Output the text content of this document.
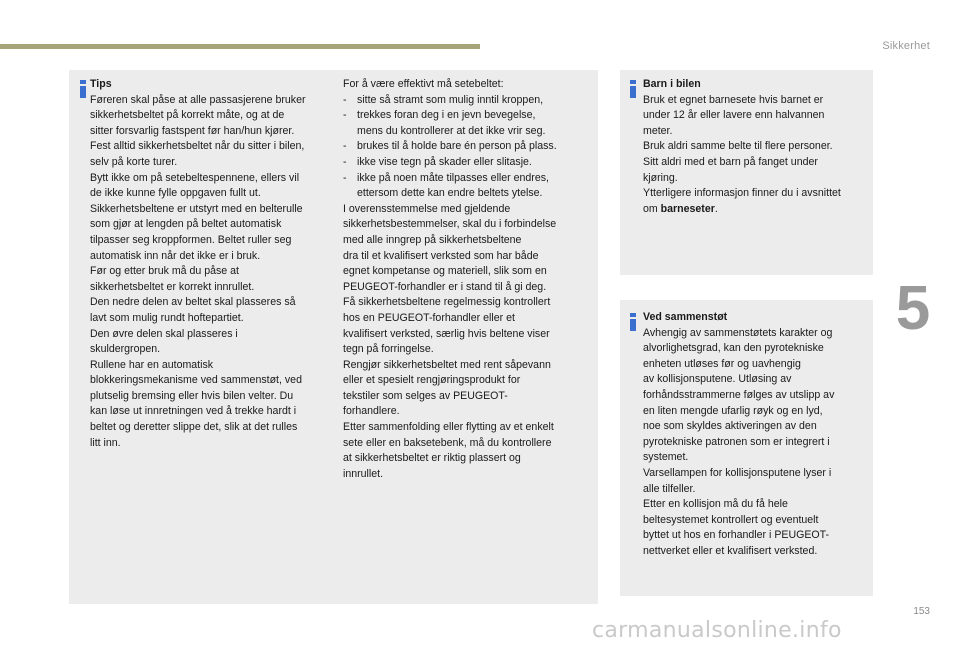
Sikkerhet
5
Tips
Føreren skal påse at alle passasjerene bruker
sikkerhetsbeltet på korrekt måte, og at de
sitter forsvarlig fastspent før han/hun kjører.
Fest alltid sikkerhetsbeltet når du sitter i bilen,
selv på korte turer.
Bytt ikke om på setebeltespennene, ellers vil
de ikke kunne fylle oppgaven fullt ut.
Sikkerhetsbeltene er utstyrt med en belterulle
som gjør at lengden på beltet automatisk
tilpasser seg kroppformen. Beltet ruller seg
automatisk inn når det ikke er i bruk.
Før og etter bruk må du påse at
sikkerhetsbeltet er korrekt innrullet.
Den nedre delen av beltet skal plasseres så
lavt som mulig rundt hoftepartiet.
Den øvre delen skal plasseres i
skuldergropen.
Rullene har en automatisk
blokkeringsmekanisme ved sammenstøt, ved
plutselig bremsing eller hvis bilen velter. Du
kan løse ut innretningen ved å trekke hardt i
beltet og deretter slippe det, slik at det rulles
litt inn.
For å være effektivt må setebeltet:
- sitte så stramt som mulig inntil kroppen,
- trekkes foran deg i en jevn bevegelse,
mens du kontrollerer at det ikke vrir seg.
- brukes til å holde bare én person på plass.
- ikke vise tegn på skader eller slitasje.
- ikke på noen måte tilpasses eller endres,
ettersom dette kan endre beltets ytelse.
I overensstemmelse med gjeldende
sikkerhetsbestemmelser, skal du i forbindelse
med alle inngrep på sikkerhetsbeltene
dra til et kvalifisert verksted som har både
egnet kompetanse og materiell, slik som en
PEUGEOT-forhandler er i stand til å gi deg.
Få sikkerhetsbeltene regelmessig kontrollert
hos en PEUGEOT-forhandler eller et
kvalifisert verksted, særlig hvis beltene viser
tegn på forringelse.
Rengjør sikkerhetsbeltet med rent såpevann
eller et spesielt rengjøringsprodukt for
tekstiler som selges av PEUGEOT-
forhandlere.
Etter sammenfolding eller flytting av et enkelt
sete eller en baksetebenk, må du kontrollere
at sikkerhetsbeltet er riktig plassert og
innrullet.
Barn i bilen
Bruk et egnet barnesete hvis barnet er
under 12 år eller lavere enn halvannen
meter.
Bruk aldri samme belte til flere personer.
Sitt aldri med et barn på fanget under
kjøring.
Ytterligere informasjon finner du i avsnittet
om barneseter.
Ved sammenstøt
Avhengig av sammenstøtets karakter og
alvorlighetsgrad, kan den pyrotekniske
enheten utløses før og uavhengig
av kollisjonsputene. Utløsing av
forhåndsstrammerne følges av utslipp av
en liten mengde ufarlig røyk og en lyd,
noe som skyldes aktiveringen av den
pyrotekniske patronen som er integrert i
systemet.
Varsellampen for kollisjonsputene lyser i
alle tilfeller.
Etter en kollisjon må du få hele
beltesystemet kontrollert og eventuelt
byttet ut hos en forhandler i PEUGEOT-
nettverket eller et kvalifisert verksted.
153
carmanualsonline.info
